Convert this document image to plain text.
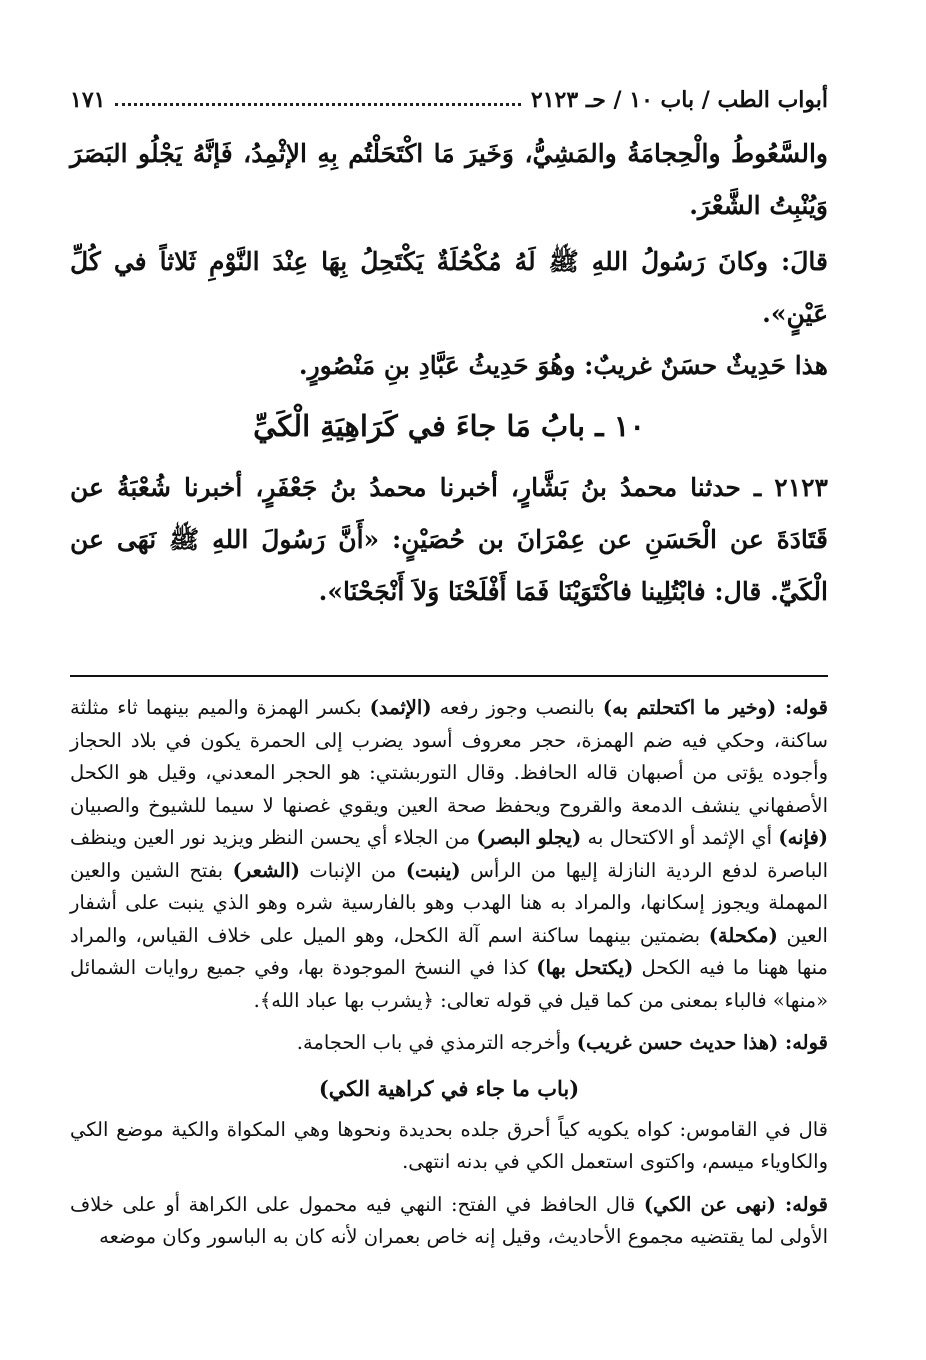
أبواب الطب / باب ١٠ / حـ ٢١٢٣
١٧١

والسَّعُوطُ والْحِجامَةُ والمَشِيُّ، وَخَيرَ مَا اكْتَحَلْتُم بِهِ الإثْمِدُ، فَإنَّهُ يَجْلُو البَصَرَ وَيُنْبِتُ الشَّعْرَ.

قالَ: وكانَ رَسُولُ اللهِ ﷺ لَهُ مُكْحُلَةٌ يَكْتَحِلُ بِهَا عِنْدَ النَّوْمِ ثَلاثاً في كُلِّ عَيْنٍ».

هذا حَدِيثٌ حسَنٌ غريبٌ: وهُوَ حَدِيثُ عَبَّادِ بنِ مَنْصُورٍ.

١٠ ـ بابُ مَا جاءَ في كَرَاهِيَةِ الْكَيِّ

٢١٢٣ ـ حدثنا محمدُ بنُ بَشَّارٍ، أخبرنا محمدُ بنُ جَعْفَرٍ، أخبرنا شُعْبَةُ عن قَتَادَةَ عن الْحَسَنِ عن عِمْرَانَ بن حُصَيْنٍ: «أَنَّ رَسُولَ اللهِ ﷺ نَهَى عن الْكَيِّ. قال: فابْتُلِينا فاكْتَوَيْنَا فَمَا أَفْلَحْنَا وَلاَ أَنْجَحْنَا».

قوله: (وخير ما اكتحلتم به) بالنصب وجوز رفعه (الإثمد) بكسر الهمزة والميم بينهما ثاء مثلثة ساكنة، وحكي فيه ضم الهمزة، حجر معروف أسود يضرب إلى الحمرة يكون في بلاد الحجاز وأجوده يؤتى من أصبهان قاله الحافظ. وقال التوربشتي: هو الحجر المعدني، وقيل هو الكحل الأصفهاني ينشف الدمعة والقروح ويحفظ صحة العين ويقوي غصنها لا سيما للشيوخ والصبيان (فإنه) أي الإثمد أو الاكتحال به (يجلو البصر) من الجلاء أي يحسن النظر ويزيد نور العين وينظف الباصرة لدفع الردية النازلة إليها من الرأس (ينبت) من الإنبات (الشعر) بفتح الشين والعين المهملة ويجوز إسكانها، والمراد به هنا الهدب وهو بالفارسية شره وهو الذي ينبت على أشفار العين (مكحلة) بضمتين بينهما ساكنة اسم آلة الكحل، وهو الميل على خلاف القياس، والمراد منها ههنا ما فيه الكحل (يكتحل بها) كذا في النسخ الموجودة بها، وفي جميع روايات الشمائل «منها» فالباء بمعنى من كما قيل في قوله تعالى: ﴿يشرب بها عباد الله﴾.

قوله: (هذا حديث حسن غريب) وأخرجه الترمذي في باب الحجامة.

(باب ما جاء في كراهية الكي)

قال في القاموس: كواه يكويه كياً أحرق جلده بحديدة ونحوها وهي المكواة والكية موضع الكي والكاوياء ميسم، واكتوى استعمل الكي في بدنه انتهى.

قوله: (نهى عن الكي) قال الحافظ في الفتح: النهي فيه محمول على الكراهة أو على خلاف الأولى لما يقتضيه مجموع الأحاديث، وقيل إنه خاص بعمران لأنه كان به الباسور وكان موضعه
